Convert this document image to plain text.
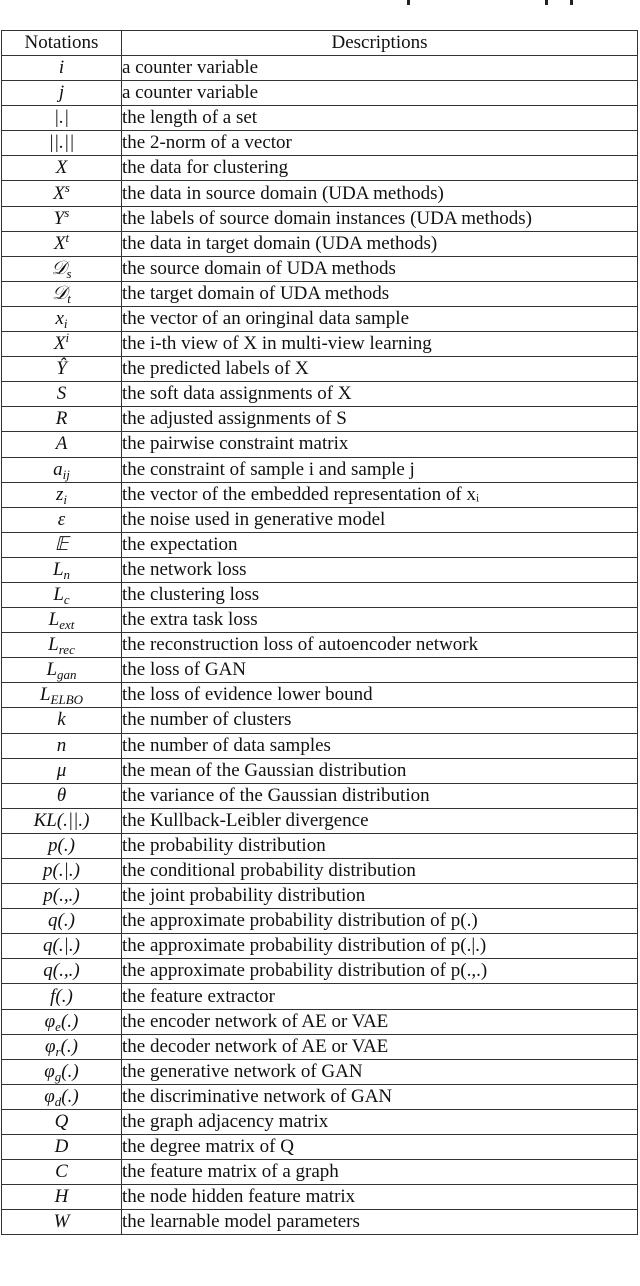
Notations	Descriptions
i	a counter variable
j	a counter variable
|.|	the length of a set
||.||	the 2-norm of a vector
X	the data for clustering
$X^s$	the data in source domain (UDA methods)
$Y^s$	the labels of source domain instances (UDA methods)
$X^t$	the data in target domain (UDA methods)
𝒟$_s$	the source domain of UDA methods
𝒟$_t$	the target domain of UDA methods
$x_i$	the vector of an oringinal data sample
$X^i$	the i-th view of X in multi-view learning
Ŷ	the predicted labels of X
S	the soft data assignments of X
R	the adjusted assignments of S
A	the pairwise constraint matrix
$a_{ij}$	the constraint of sample i and sample j
$z_i$	the vector of the embedded representation of xᵢ
ε	the noise used in generative model
𝔼	the expectation
$L_n$	the network loss
$L_c$	the clustering loss
$L_{ext}$	the extra task loss
$L_{rec}$	the reconstruction loss of autoencoder network
$L_{gan}$	the loss of GAN
$L_{ELBO}$	the loss of evidence lower bound
k	the number of clusters
n	the number of data samples
μ	the mean of the Gaussian distribution
θ	the variance of the Gaussian distribution
KL(.||.)	the Kullback-Leibler divergence
p(.)	the probability distribution
p(.|.)	the conditional probability distribution
p(.,.)	the joint probability distribution
q(.)	the approximate probability distribution of p(.)
q(.|.)	the approximate probability distribution of p(.|.)
q(.,.)	the approximate probability distribution of p(.,.)
f(.)	the feature extractor
$\varphi_e(.)$	the encoder network of AE or VAE
$\varphi_r(.)$	the decoder network of AE or VAE
$\varphi_g(.)$	the generative network of GAN
$\varphi_d(.)$	the discriminative network of GAN
Q	the graph adjacency matrix
D	the degree matrix of Q
C	the feature matrix of a graph
H	the node hidden feature matrix
W	the learnable model parameters
